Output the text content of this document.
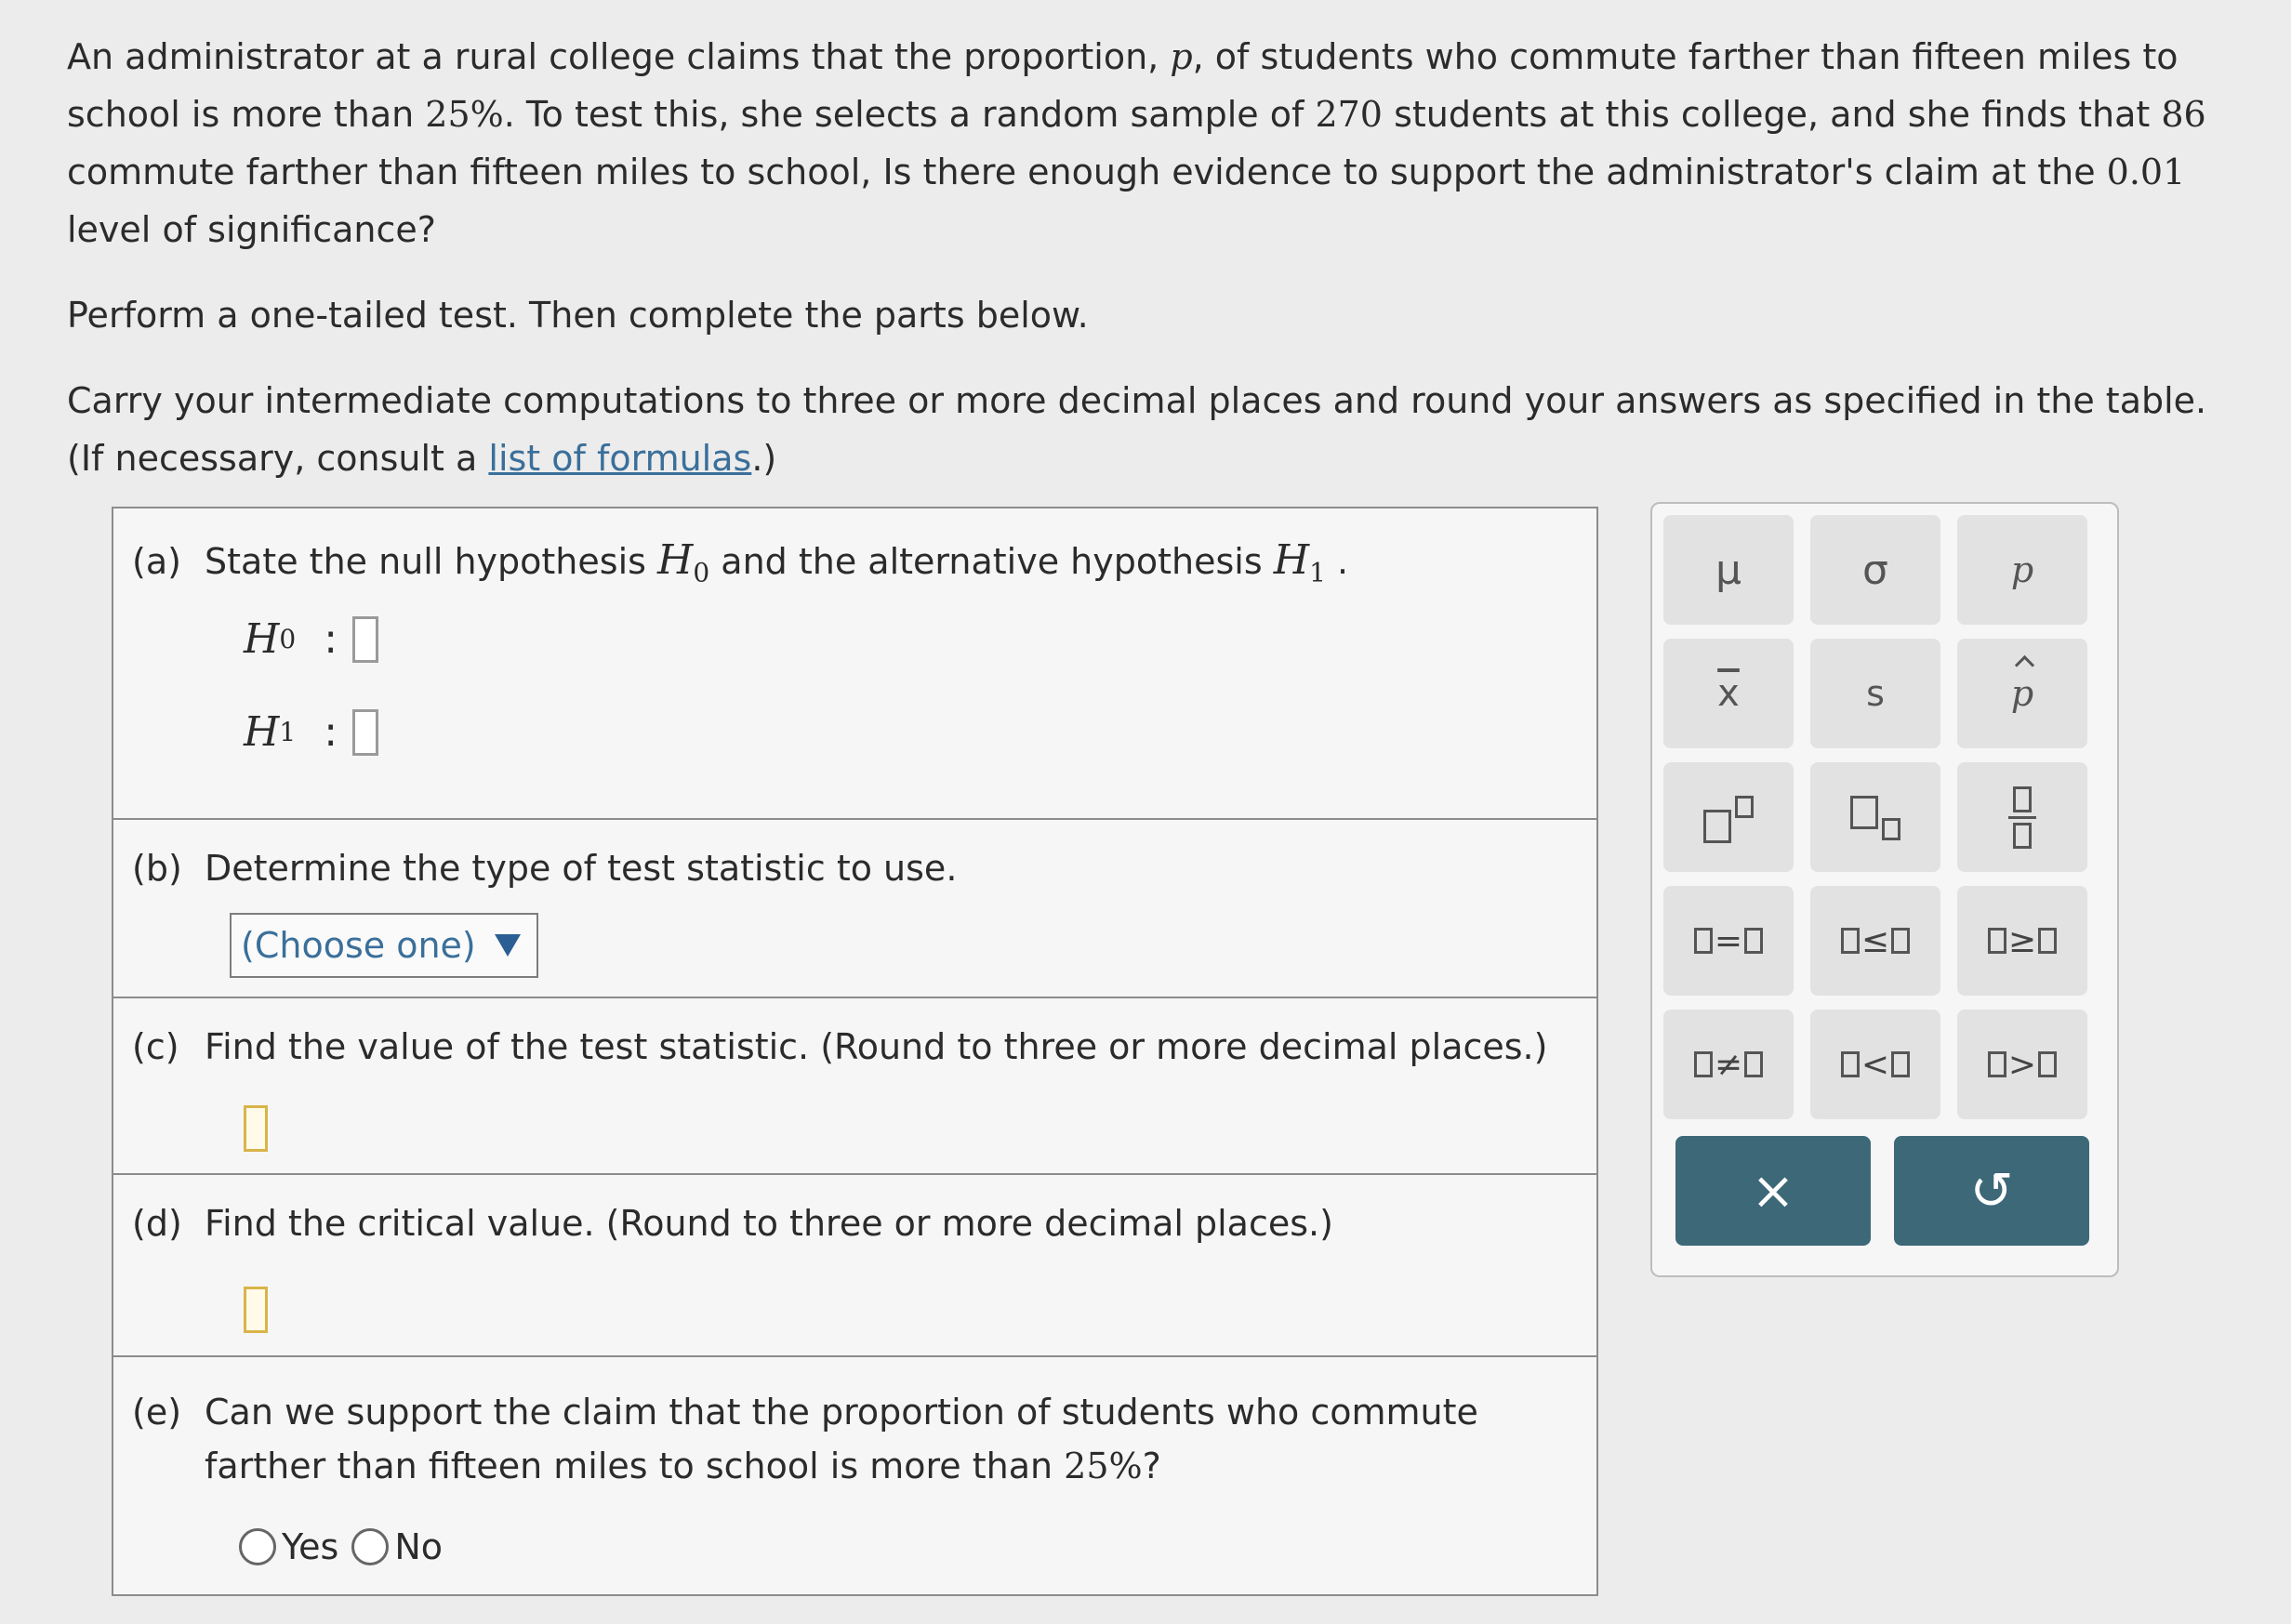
An administrator at a rural college claims that the proportion, p, of students who commute farther than fifteen miles to school is more than 25%. To test this, she selects a random sample of 270 students at this college, and she finds that 86 commute farther than fifteen miles to school, Is there enough evidence to support the administrator's claim at the 0.01 level of significance?

Perform a one-tailed test. Then complete the parts below.

Carry your intermediate computations to three or more decimal places and round your answers as specified in the table. (If necessary, consult a list of formulas.)

(a) State the null hypothesis $H_0$ and the alternative hypothesis $H_1$ .
H 0 :
H 1 :
(b) Determine the type of test statistic to use.
(Choose one)
(c) Find the value of the test statistic. (Round to three or more decimal places.)
(d) Find the critical value. (Round to three or more decimal places.)
(e) Can we support the claim that the proportion of students who commute
farther than fifteen miles to school is more than 25%?
Yes No
μ	σ	p
$\overline{x}$	s	p
=	≤	≥
≠	<	>
×	↺
